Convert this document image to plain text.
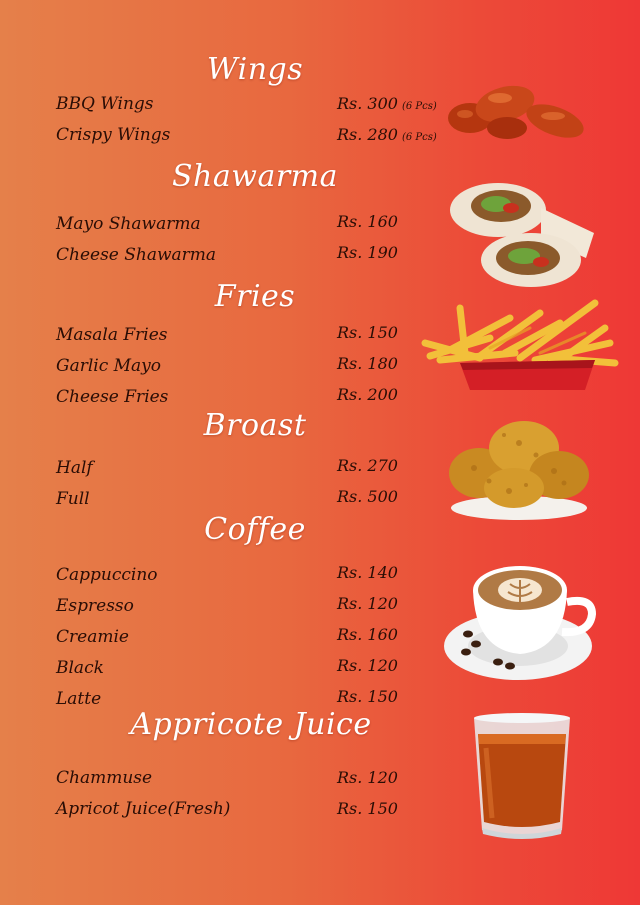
Wings
BBQ Wings	Rs. 300 (6 Pcs)
Crispy Wings	Rs. 280 (6 Pcs)
Shawarma
Mayo Shawarma	Rs. 160
Cheese Shawarma	Rs. 190
Fries
Masala Fries	Rs. 150
Garlic Mayo	Rs. 180
Cheese Fries	Rs. 200
Broast
Half	Rs. 270
Full	Rs. 500
Coffee
Cappuccino	Rs. 140
Espresso	Rs. 120
Creamie	Rs. 160
Black	Rs. 120
Latte	Rs. 150
Appricote Juice
Chammuse	Rs. 120
Apricot Juice(Fresh)	Rs. 150
